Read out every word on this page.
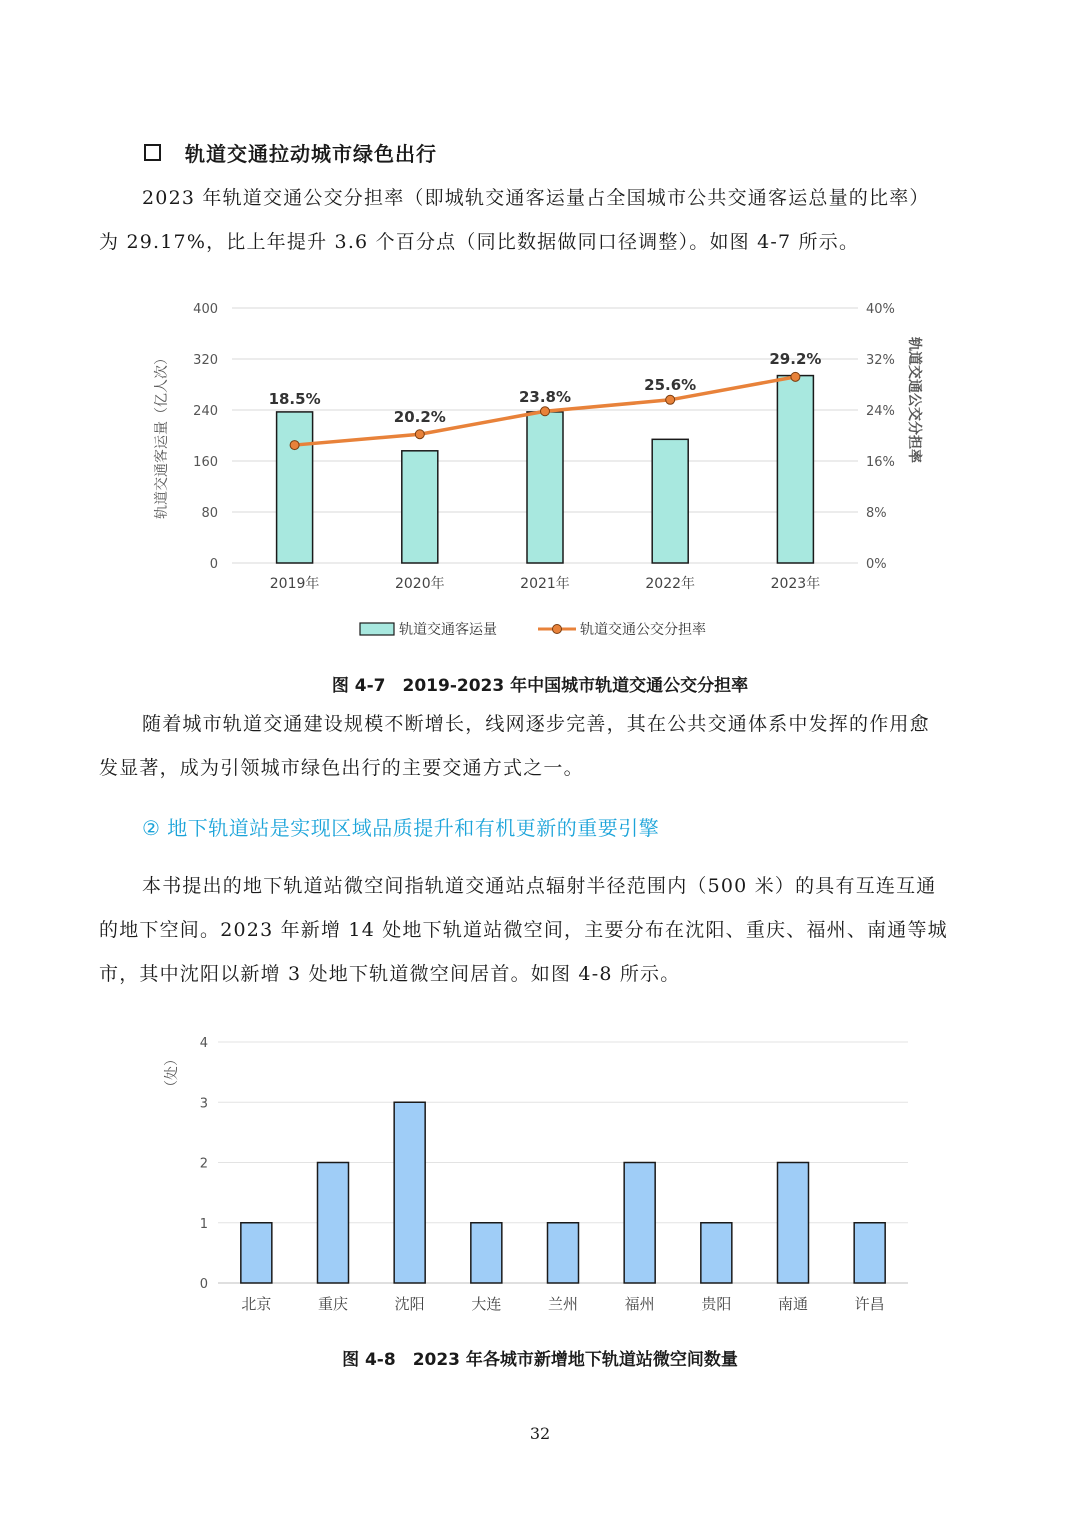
轨道交通拉动城市绿色出行
2023 年轨道交通公交分担率（即城轨交通客运量占全国城市公共交通客运总量的比率）
为 29.17%，比上年提升 3.6 个百分点（同比数据做同口径调整）。如图 4-7 所示。
0
80
160
240
320
400
0%
8%
16%
24%
32%
40%
2019年	2020年	2021年	2022年	2023年
18.5%
20.2%
23.8%
25.6%
29.2%
轨道交通客运量（亿人次）	轨道交通公交分担率
轨道交通客运量	轨道交通公交分担率
图 4-7　2019-2023 年中国城市轨道交通公交分担率
随着城市轨道交通建设规模不断增长，线网逐步完善，其在公共交通体系中发挥的作用愈
发显著，成为引领城市绿色出行的主要交通方式之一。
② 地下轨道站是实现区域品质提升和有机更新的重要引擎
本书提出的地下轨道站微空间指轨道交通站点辐射半径范围内（500 米）的具有互连互通
的地下空间。2023 年新增 14 处地下轨道站微空间，主要分布在沈阳、重庆、福州、南通等城
市，其中沈阳以新增 3 处地下轨道微空间居首。如图 4-8 所示。
0
1
2
3
4
北京	重庆	沈阳	大连	兰州	福州	贵阳	南通	许昌
（处）
图 4-8　2023 年各城市新增地下轨道站微空间数量
32
